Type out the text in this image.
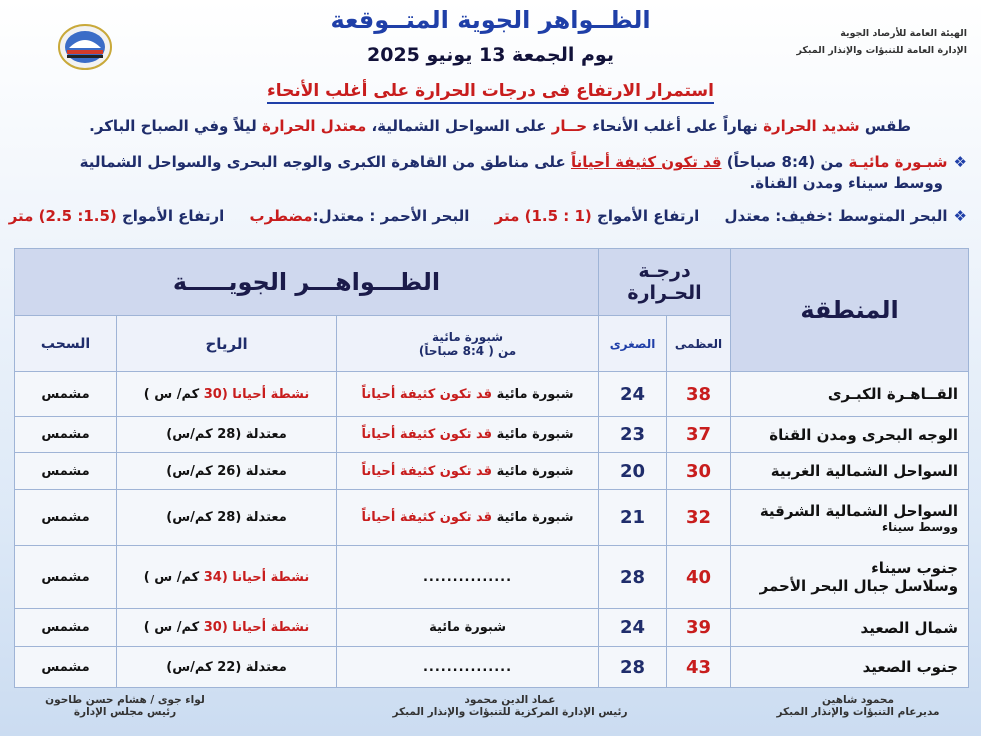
الهيئة العامة للأرصاد الجوية
الإدارة العامة للتنبؤات والإنذار المبكر
الظــواهر الجوية المتــوقعة
يوم الجمعة 13 يونيو 2025
استمرار الارتفاع فى درجات الحرارة على أغلب الأنحاء
طقس شديد الحرارة نهاراً على أغلب الأنحاء حــار على السواحل الشمالية، معتدل الحرارة ليلاً وفي الصباح الباكر.
❖شبـورة مائيـة من (8:4 صباحاً) قد تكون كثيفة أحياناً على مناطق من القاهرة الكبرى والوجه البحرى والسواحل الشمالية
ووسط سيناء ومدن القناة.
❖البحر المتوسط :خفيف: معتدل ارتفاع الأمواج (1 : 1.5) متر البحر الأحمر : معتدل:مضطرب ارتفاع الأمواج (1.5: 2.5) متر
المنطقة	درجـة الحـرارة		الظـــواهـــر الجويـــــة		
	العظمى	الصغرى	شبورة مائية
من ( 8:4 صباحاً)	الرياح	السحب
القــاهـرة الكبـرى	38	24	شبورة مائية قد تكون كثيفة أحياناً	نشطة أحيانا (30 كم/ س )	مشمس
الوجه البحرى ومدن القناة	37	23	شبورة مائية قد تكون كثيفة أحياناً	معتدلة (28 كم/س)	مشمس
السواحل الشمالية الغربية	30	20	شبورة مائية قد تكون كثيفة أحياناً	معتدلة (26 كم/س)	مشمس

السواحل الشمالية الشرقية
ووسط سيناء	32	21	شبورة مائية قد تكون كثيفة أحياناً	معتدلة (28 كم/س)	مشمس

جنوب سيناء
وسلاسل جبال البحر الأحمر	40	28	...............	نشطة أحيانا (34 كم/ س )	مشمس
شمال الصعيد	39	24	شبورة مائية	نشطة أحيانا (30 كم/ س )	مشمس
جنوب الصعيد	43	28	...............	معتدلة (22 كم/س)	مشمس
محمود شاهين
مديرعام التنبؤات والإنذار المبكر
عماد الدين محمود
رئيس الإدارة المركزية للتنبؤات والإنذار المبكر
لواء جوى / هشام حسن طاحون
رئيس مجلس الإدارة
